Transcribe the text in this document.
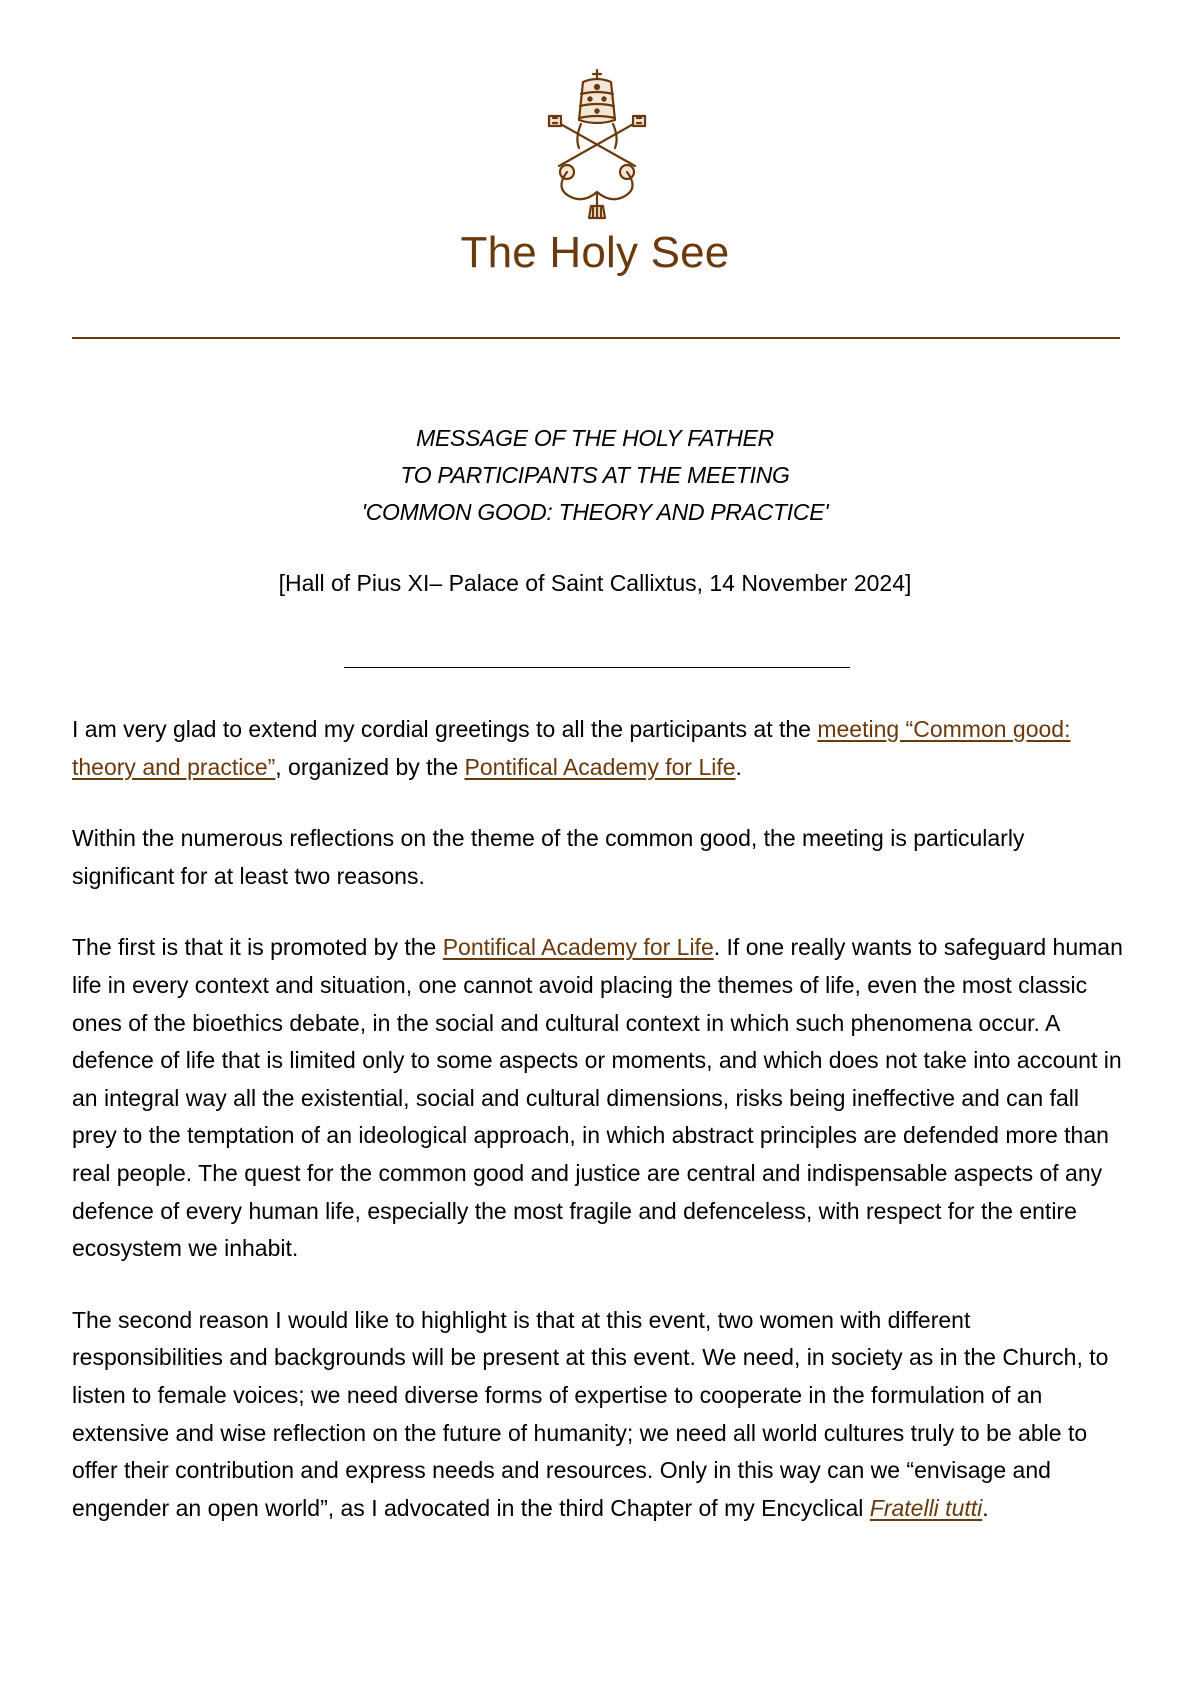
The Holy See
MESSAGE OF THE HOLY FATHER
TO PARTICIPANTS AT THE MEETING
'COMMON GOOD: THEORY AND PRACTICE'
[Hall of Pius XI– Palace of Saint Callixtus, 14 November 2024]

I am very glad to extend my cordial greetings to all the participants at the meeting “Common good: theory and practice”, organized by the Pontifical Academy for Life.

Within the numerous reflections on the theme of the common good, the meeting is particularly significant for at least two reasons.

The first is that it is promoted by the Pontifical Academy for Life. If one really wants to safeguard human life in every context and situation, one cannot avoid placing the themes of life, even the most classic ones of the bioethics debate, in the social and cultural context in which such phenomena occur. A defence of life that is limited only to some aspects or moments, and which does not take into account in an integral way all the existential, social and cultural dimensions, risks being ineffective and can fall prey to the temptation of an ideological approach, in which abstract principles are defended more than real people. The quest for the common good and justice are central and indispensable aspects of any defence of every human life, especially the most fragile and defenceless, with respect for the entire ecosystem we inhabit.

The second reason I would like to highlight is that at this event, two women with different responsibilities and backgrounds will be present at this event. We need, in society as in the Church, to listen to female voices; we need diverse forms of expertise to cooperate in the formulation of an extensive and wise reflection on the future of humanity; we need all world cultures truly to be able to offer their contribution and express needs and resources. Only in this way can we “envisage and engender an open world”, as I advocated in the third Chapter of my Encyclical Fratelli tutti.
